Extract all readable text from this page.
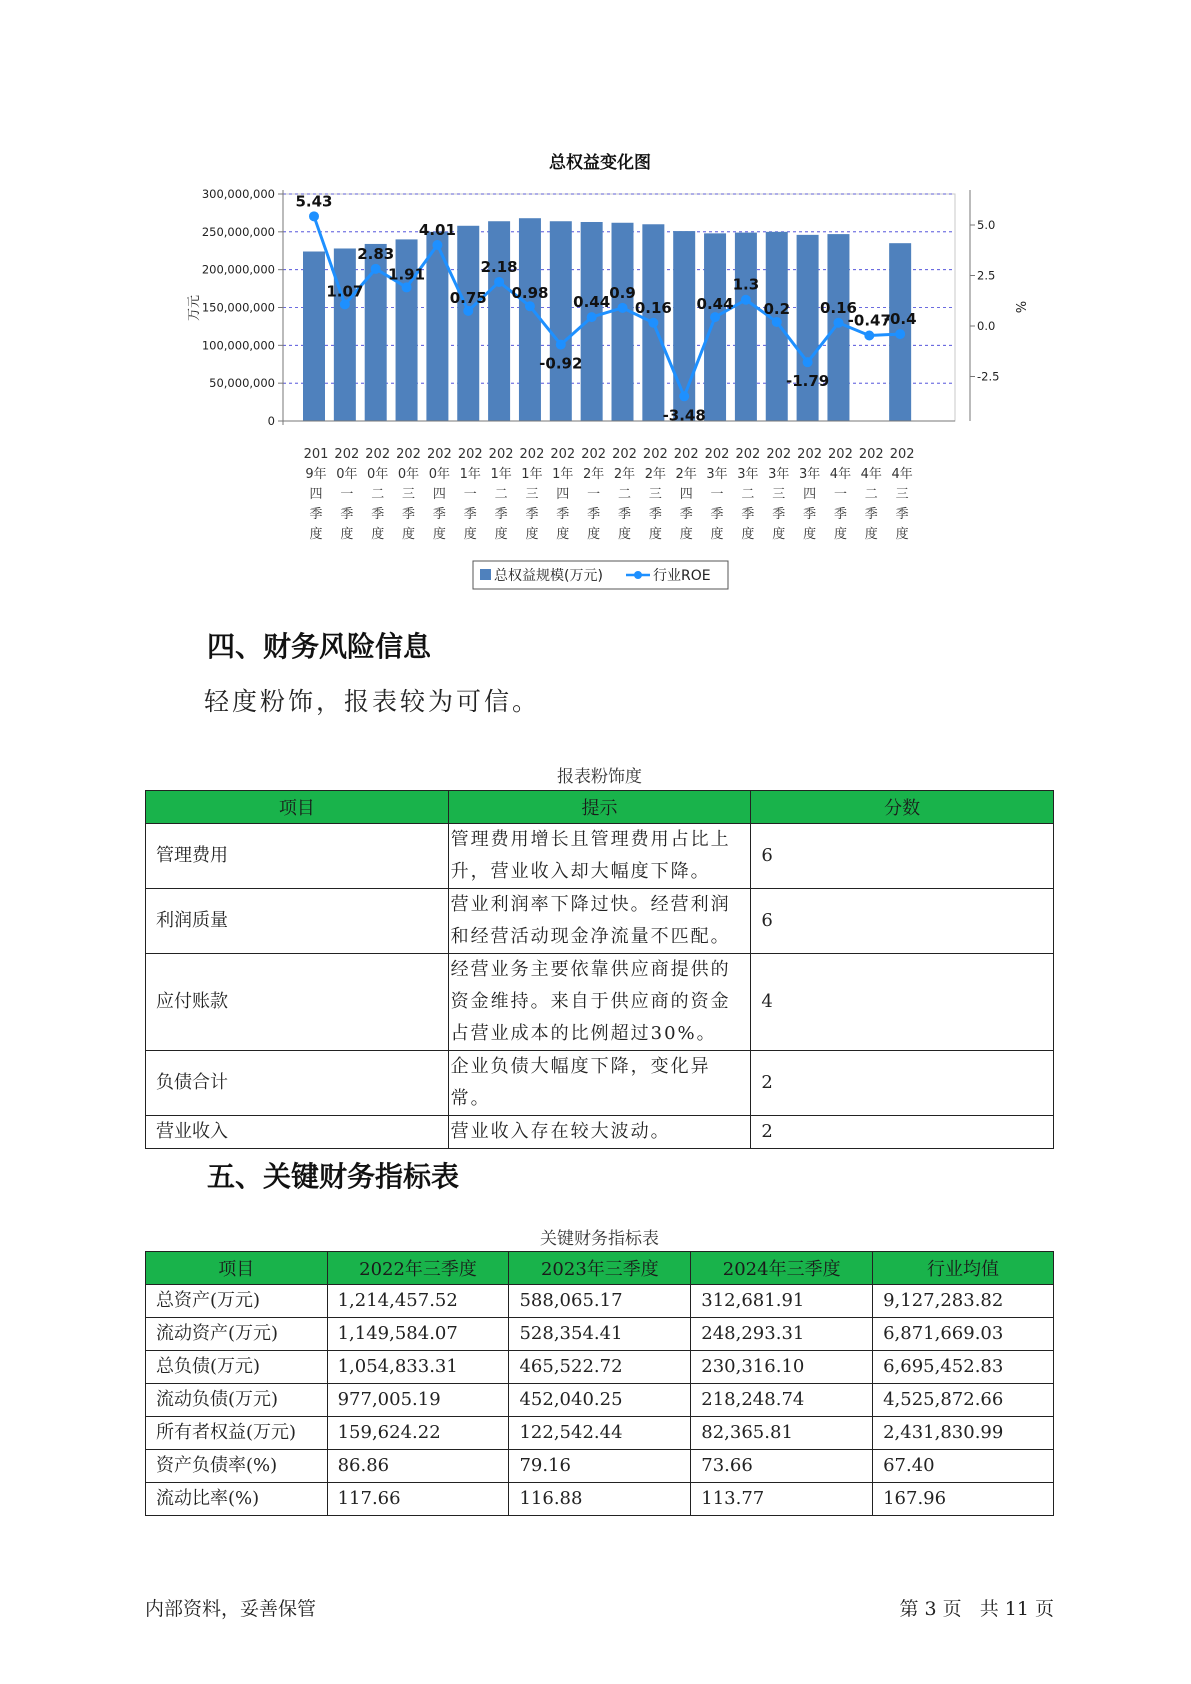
总权益变化图
300,000,000
250,000,000
200,000,000
150,000,000
100,000,000
50,000,000
0
5.0
2.5
0.0
-2.5
万元	%
5.43
1.07
2.83
1.91
4.01
0.75
2.18
0.98
-0.92
0.44
0.9
0.16
-3.48
0.44
1.3
0.2
-1.79
0.16
-0.47
-0.4
201
9年
四
季
度
202
0年
一
季
度
202
0年
二
季
度
202
0年
三
季
度
202
0年
四
季
度
202
1年
一
季
度
202
1年
二
季
度
202
1年
三
季
度
202
1年
四
季
度
202
2年
一
季
度
202
2年
二
季
度
202
2年
三
季
度
202
2年
四
季
度
202
3年
一
季
度
202
3年
二
季
度
202
3年
三
季
度
202
3年
四
季
度
202
4年
一
季
度
202
4年
二
季
度
202
4年
三
季
度
总权益规模(万元)	行业ROE
四、财务风险信息

轻度粉饰，报表较为可信。

报表粉饰度
项目	提示	分数
管理费用	管理费用增长且管理费用占比上升，营业收入却大幅度下降。	6
利润质量	营业利润率下降过快。经营利润和经营活动现金净流量不匹配。	6
应付账款	经营业务主要依靠供应商提供的资金维持。来自于供应商的资金占营业成本的比例超过30%。	4
负债合计	企业负债大幅度下降，变化异常。	2
营业收入	营业收入存在较大波动。	2
五、关键财务指标表
关键财务指标表
项目	2022年三季度	2023年三季度	2024年三季度	行业均值
总资产(万元)	1,214,457.52	588,065.17	312,681.91	9,127,283.82
流动资产(万元)	1,149,584.07	528,354.41	248,293.31	6,871,669.03
总负债(万元)	1,054,833.31	465,522.72	230,316.10	6,695,452.83
流动负债(万元)	977,005.19	452,040.25	218,248.74	4,525,872.66
所有者权益(万元)	159,624.22	122,542.44	82,365.81	2,431,830.99
资产负债率(%)	86.86	79.16	73.66	67.40
流动比率(%)	117.66	116.88	113.77	167.96
内部资料，妥善保管	第 3 页   共 11 页
